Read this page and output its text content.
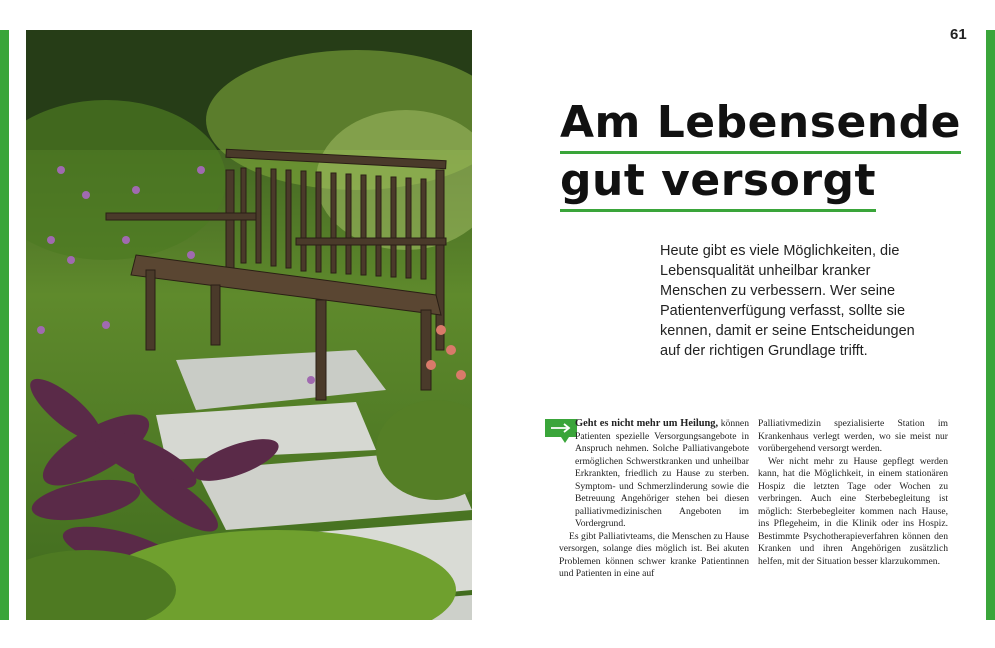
61
Am Lebensende
gut versorgt

Heute gibt es viele Möglichkeiten, die Lebensqualität unheilbar kranker Menschen zu verbessern. Wer seine Patientenverfügung verfasst, sollte sie kennen, damit er seine Entscheidungen auf der richtigen Grundlage trifft.

Geht es nicht mehr um Heilung, können Patienten spezielle Versorgungsangebote in Anspruch nehmen. Solche Palliativangebote ermöglichen Schwerstkranken und unheilbar Erkrankten, friedlich zu Hause zu sterben. Symptom- und Schmerzlinderung sowie die Betreuung Angehöriger stehen bei diesen palliativmedizinischen Angeboten im Vordergrund.

Es gibt Palliativteams, die Menschen zu Hause versorgen, solange dies möglich ist. Bei akuten Problemen können schwer kranke Patientinnen und Patienten in eine auf

Palliativmedizin spezialisierte Station im Krankenhaus verlegt werden, wo sie meist nur vorübergehend versorgt werden.

Wer nicht mehr zu Hause gepflegt werden kann, hat die Möglichkeit, in einem stationären Hospiz die letzten Tage oder Wochen zu verbringen. Auch eine Sterbebegleitung ist möglich: Sterbebegleiter kommen nach Hause, ins Pflegeheim, in die Klinik oder ins Hospiz. Bestimmte Psychotherapieverfahren können den Kranken und ihren Angehörigen zusätzlich helfen, mit der Situation besser klarzukommen.
